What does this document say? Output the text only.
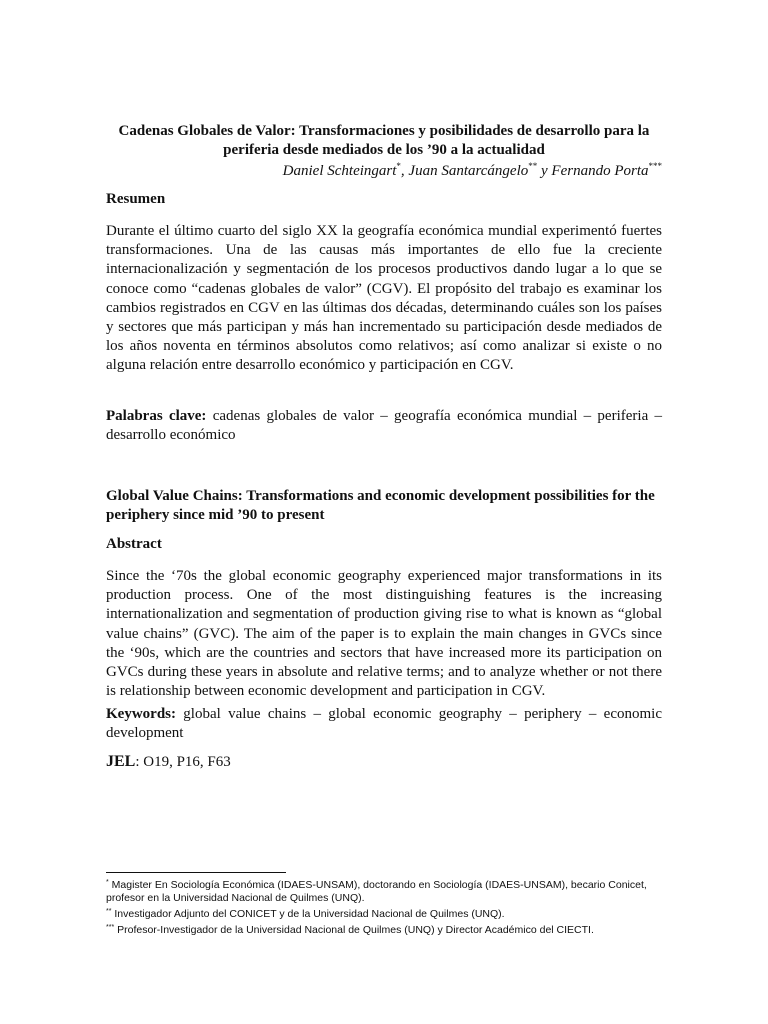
Cadenas Globales de Valor: Transformaciones y posibilidades de desarrollo para la
periferia desde mediados de los ’90 a la actualidad
Daniel Schteingart*, Juan Santarcángelo** y Fernando Porta***
Resumen
Durante el último cuarto del siglo XX la geografía económica mundial experimentó fuertes transformaciones. Una de las causas más importantes de ello fue la creciente internacionalización y segmentación de los procesos productivos dando lugar a lo que se conoce como “cadenas globales de valor” (CGV). El propósito del trabajo es examinar los cambios registrados en CGV en las últimas dos décadas, determinando cuáles son los países y sectores que más participan y más han incrementado su participación desde mediados de los años noventa en términos absolutos como relativos; así como analizar si existe o no alguna relación entre desarrollo económico y participación en CGV.
Palabras clave: cadenas globales de valor – geografía económica mundial – periferia – desarrollo económico
Global Value Chains: Transformations and economic development possibilities for the periphery since mid ’90 to present
Abstract
Since the ‘70s the global economic geography experienced major transformations in its production process. One of the most distinguishing features is the increasing internationalization and segmentation of production giving rise to what is known as “global value chains” (GVC). The aim of the paper is to explain the main changes in GVCs since the ‘90s, which are the countries and sectors that have increased more its participation on GVCs during these years in absolute and relative terms; and to analyze whether or not there is relationship between economic development and participation in CGV.
Keywords: global value chains – global economic geography – periphery – economic development
JEL: O19, P16, F63

* Magister En Sociología Económica (IDAES-UNSAM), doctorando en Sociología (IDAES-UNSAM), becario Conicet, profesor en la Universidad Nacional de Quilmes (UNQ).

** Investigador Adjunto del CONICET y de la Universidad Nacional de Quilmes (UNQ).

*** Profesor-Investigador de la Universidad Nacional de Quilmes (UNQ) y Director Académico del CIECTI.
